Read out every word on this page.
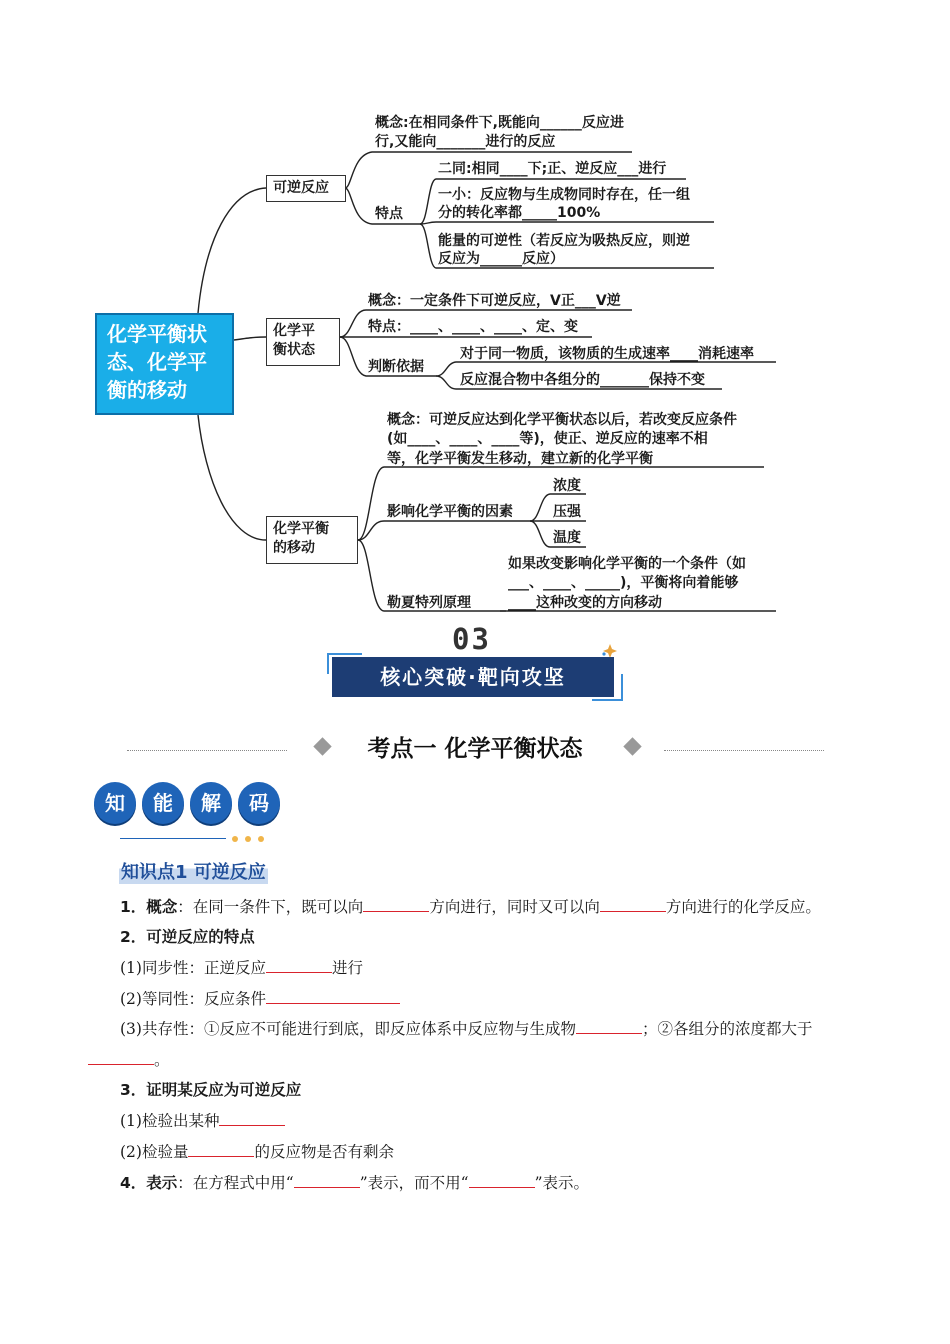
化学平衡状态、化学平衡的移动
可逆反应
概念:在相同条件下,既能向______反应进
行,又能向_______进行的反应
特点
二同:相同____下;正、逆反应___进行
一小：反应物与生成物同时存在，任一组
分的转化率都_____100%
能量的可逆性（若反应为吸热反应，则逆
反应为______反应）
化学平
衡状态
概念：一定条件下可逆反应，V正___V逆
特点：____、____、____、定、变
判断依据
对于同一物质，该物质的生成速率____消耗速率
反应混合物中各组分的_______保持不变
化学平衡
的移动
概念：可逆反应达到化学平衡状态以后，若改变反应条件
(如____、____、____等)，使正、逆反应的速率不相
等，化学平衡发生移动，建立新的化学平衡
影响化学平衡的因素
浓度
压强
温度
勒夏特列原理
如果改变影响化学平衡的一个条件（如
___、____、_____)，平衡将向着能够
____这种改变的方向移动
03
核心突破·靶向攻坚
考点一 化学平衡状态
知	能	解	码
知识点1 可逆反应
1．概念：在同一条件下，既可以向	方向进行，同时又可以向	方向进行的化学反应。
2．可逆反应的特点
(1)同步性：正逆反应	进行
(2)等同性：反应条件
(3)共存性：①反应不可能进行到底，即反应体系中反应物与生成物	；②各组分的浓度都大于
。
3．证明某反应为可逆反应
(1)检验出某种
(2)检验量	的反应物是否有剩余
4．表示：在方程式中用“	”表示，而不用“	”表示。
